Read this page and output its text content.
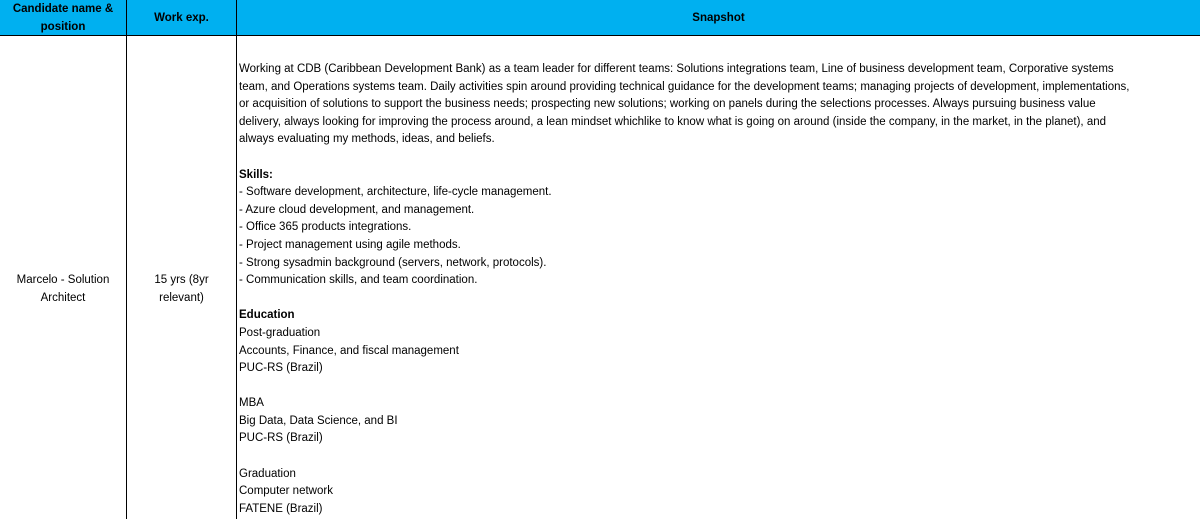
Candidate name & position
Work exp.	Snapshot
Marcelo - Solution Architect
15 yrs (8yr relevant)
Working at CDB (Caribbean Development Bank) as a team leader for different teams: Solutions integrations team, Line of business development team, Corporative systems
team, and Operations systems team. Daily activities spin around providing technical guidance for the development teams; managing projects of development, implementations,
or acquisition of solutions to support the business needs; prospecting new solutions; working on panels during the selections processes. Always pursuing business value
delivery, always looking for improving the process around, a lean mindset whichlike to know what is going on around (inside the company, in the market, in the planet), and
always evaluating my methods, ideas, and beliefs.
Skills:
- Software development, architecture, life-cycle management.
- Azure cloud development, and management.
- Office 365 products integrations.
- Project management using agile methods.
- Strong sysadmin background (servers, network, protocols).
- Communication skills, and team coordination.
Education
Post-graduation
Accounts, Finance, and fiscal management
PUC-RS (Brazil)
MBA
Big Data, Data Science, and BI
PUC-RS (Brazil)
Graduation
Computer network
FATENE (Brazil)
